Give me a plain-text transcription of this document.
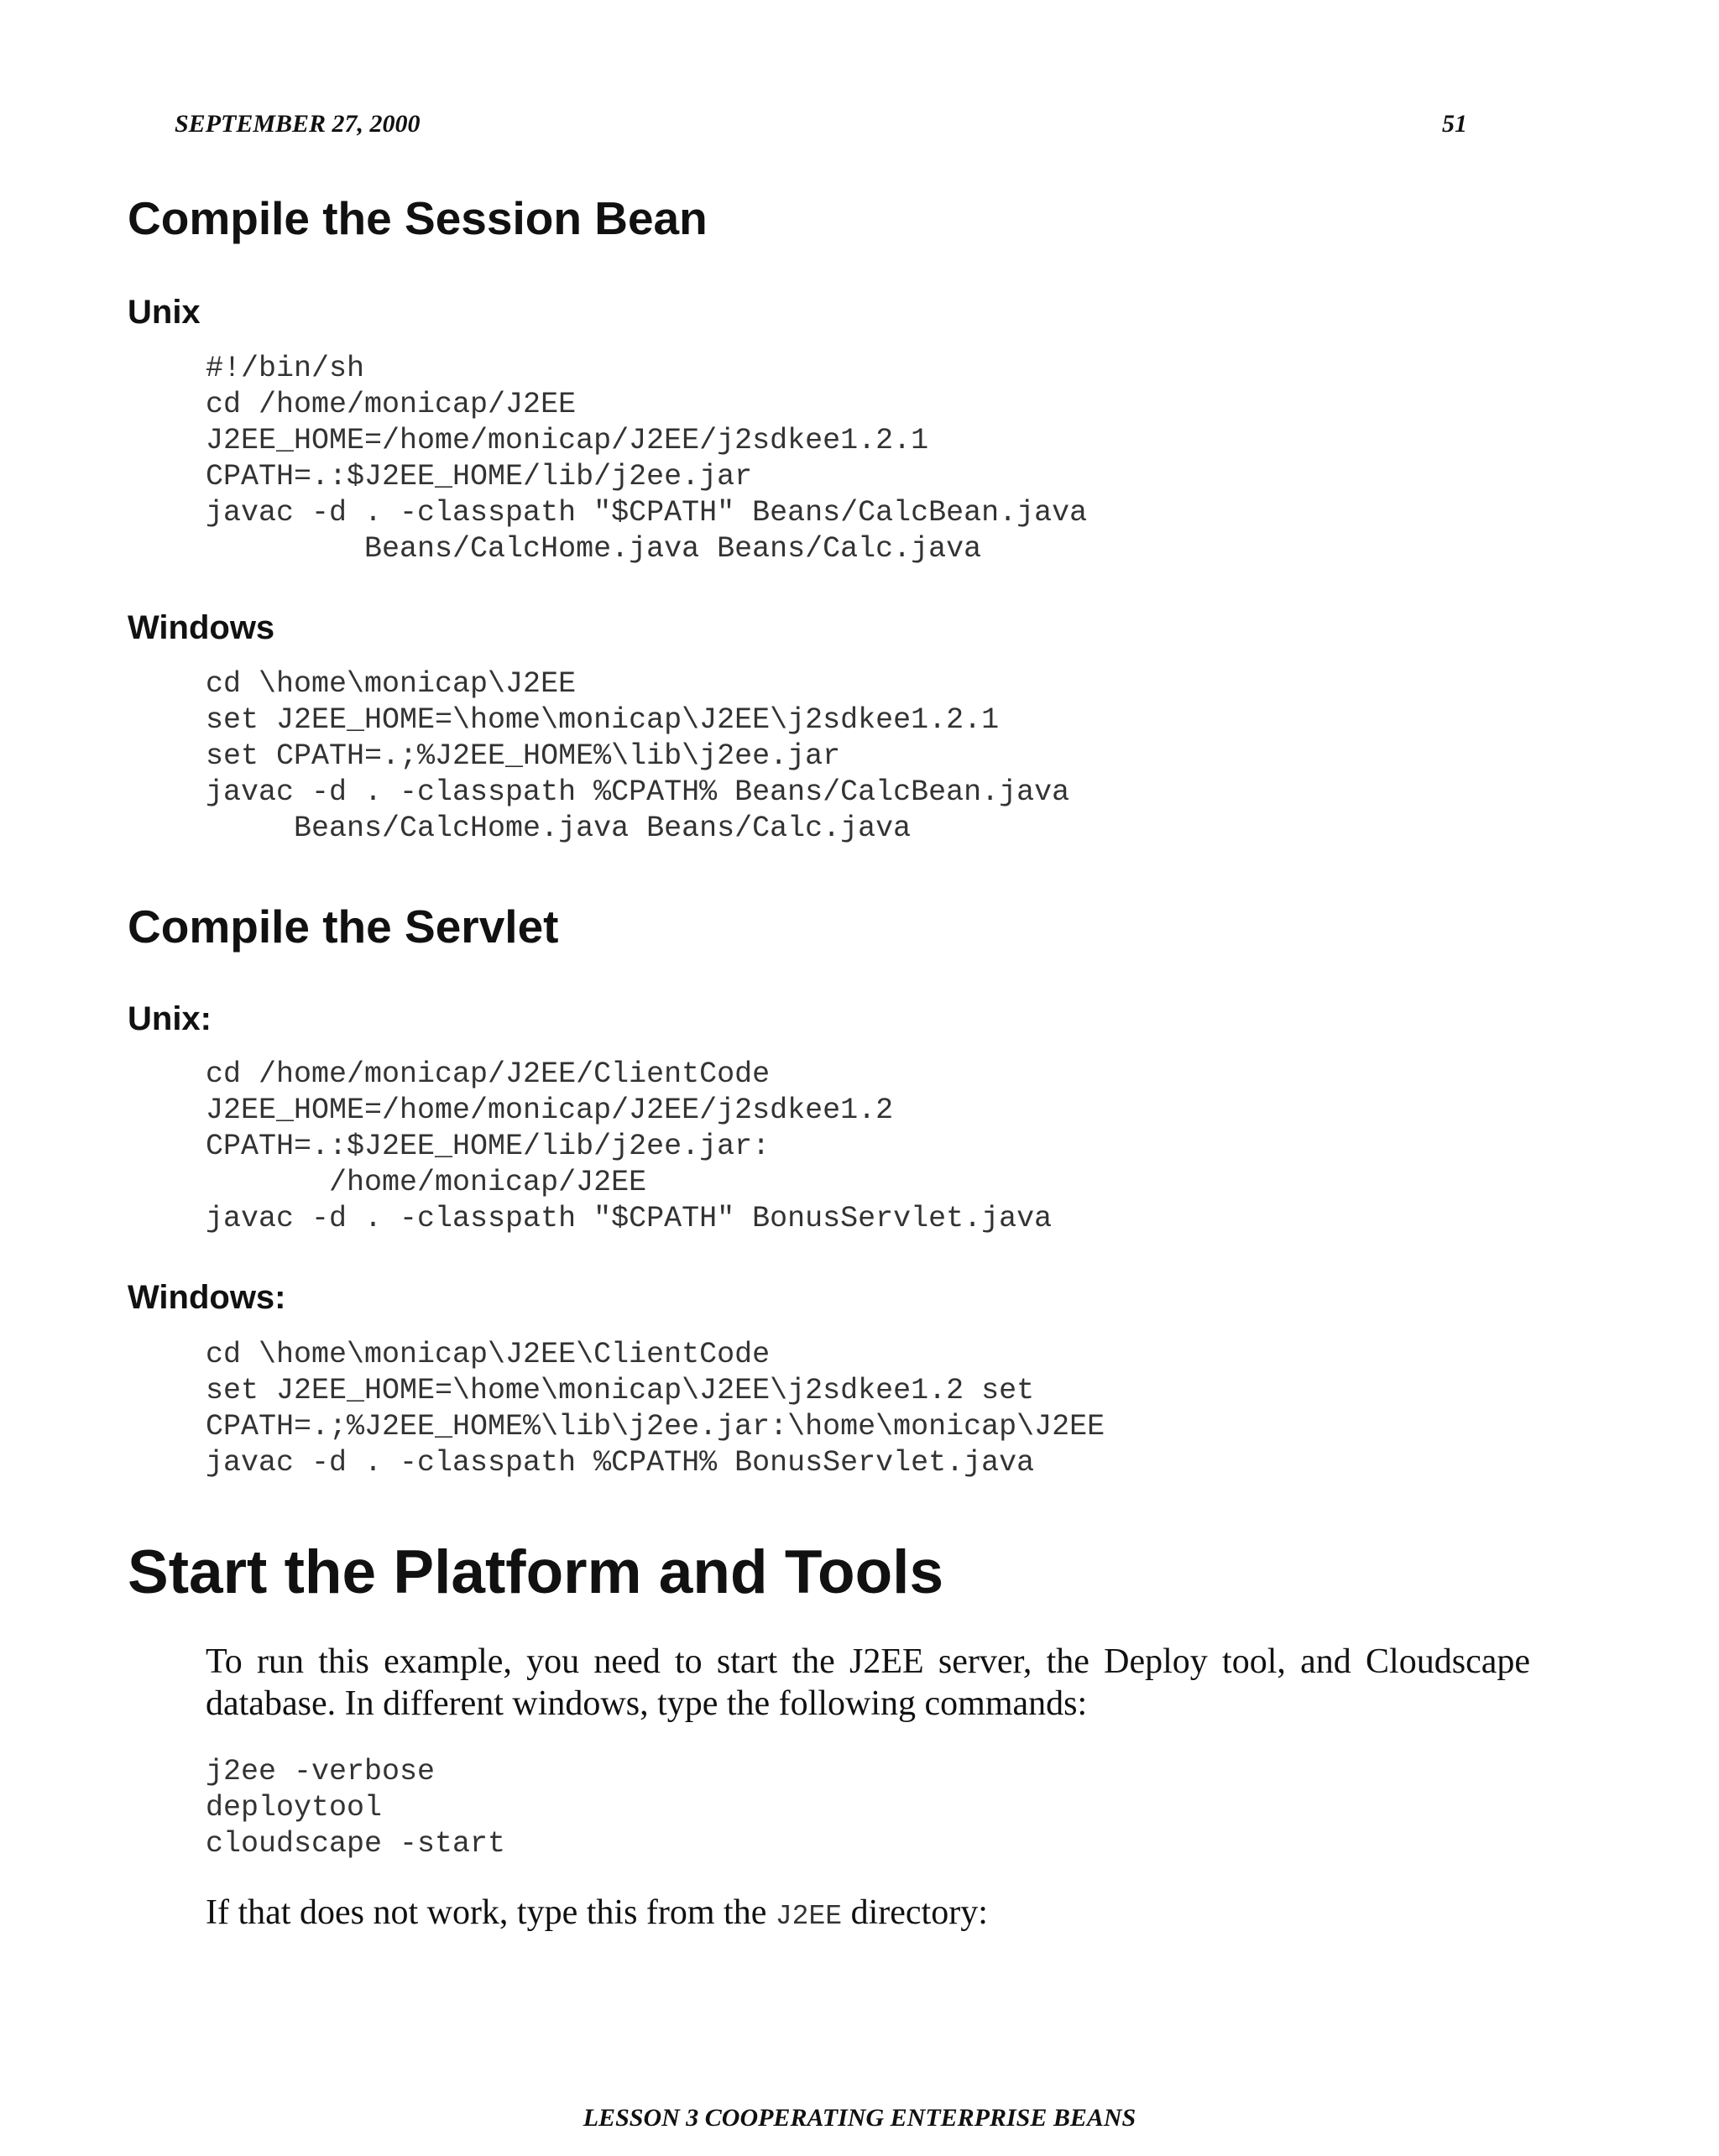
SEPTEMBER 27, 2000	51
Compile the Session Bean
Unix
#!/bin/sh
cd /home/monicap/J2EE
J2EE_HOME=/home/monicap/J2EE/j2sdkee1.2.1
CPATH=.:$J2EE_HOME/lib/j2ee.jar
javac -d . -classpath "$CPATH" Beans/CalcBean.java
Beans/CalcHome.java Beans/Calc.java
Windows
cd \home\monicap\J2EE
set J2EE_HOME=\home\monicap\J2EE\j2sdkee1.2.1
set CPATH=.;%J2EE_HOME%\lib\j2ee.jar
javac -d . -classpath %CPATH% Beans/CalcBean.java
Beans/CalcHome.java Beans/Calc.java
Compile the Servlet
Unix:
cd /home/monicap/J2EE/ClientCode
J2EE_HOME=/home/monicap/J2EE/j2sdkee1.2
CPATH=.:$J2EE_HOME/lib/j2ee.jar:
/home/monicap/J2EE
javac -d . -classpath "$CPATH" BonusServlet.java
Windows:
cd \home\monicap\J2EE\ClientCode
set J2EE_HOME=\home\monicap\J2EE\j2sdkee1.2 set
CPATH=.;%J2EE_HOME%\lib\j2ee.jar:\home\monicap\J2EE
javac -d . -classpath %CPATH% BonusServlet.java
Start the Platform and Tools

To run this example, you need to start the J2EE server, the Deploy tool, and Cloudscape database. In different windows, type the following commands:

j2ee -verbose
deploytool
cloudscape -start

If that does not work, type this from the J2EE directory:

LESSON 3 COOPERATING ENTERPRISE BEANS
